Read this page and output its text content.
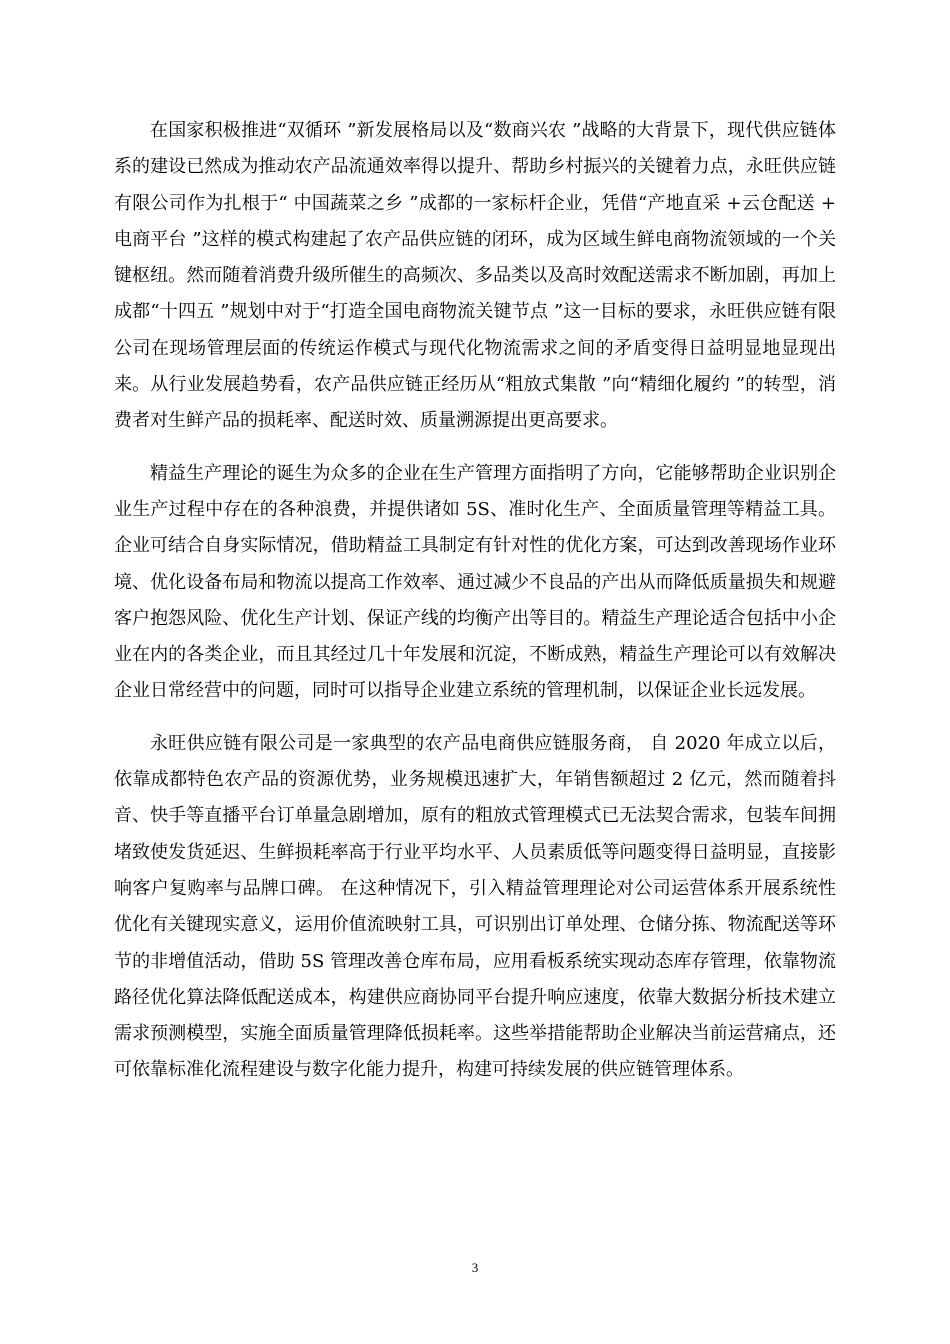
在国家积极推进“双循环 ”新发展格局以及“数商兴农 ”战略的大背景下，现代供应链体系的建设已然成为推动农产品流通效率得以提升、帮助乡村振兴的关键着力点，永旺供应链有限公司作为扎根于“ 中国蔬菜之乡 ”成都的一家标杆企业，凭借“产地直采 +云仓配送 + 电商平台 ”这样的模式构建起了农产品供应链的闭环，成为区域生鲜电商物流领域的一个关键枢纽。然而随着消费升级所催生的高频次、多品类以及高时效配送需求不断加剧，再加上成都“十四五 ”规划中对于“打造全国电商物流关键节点 ”这一目标的要求，永旺供应链有限公司在现场管理层面的传统运作模式与现代化物流需求之间的矛盾变得日益明显地显现出来。从行业发展趋势看，农产品供应链正经历从“粗放式集散 ”向“精细化履约 ”的转型，消费者对生鲜产品的损耗率、配送时效、质量溯源提出更高要求。

精益生产理论的诞生为众多的企业在生产管理方面指明了方向，它能够帮助企业识别企业生产过程中存在的各种浪费，并提供诸如 5S、准时化生产、全面质量管理等精益工具。企业可结合自身实际情况，借助精益工具制定有针对性的优化方案，可达到改善现场作业环境、优化设备布局和物流以提高工作效率、通过减少不良品的产出从而降低质量损失和规避客户抱怨风险、优化生产计划、保证产线的均衡产出等目的。精益生产理论适合包括中小企业在内的各类企业，而且其经过几十年发展和沉淀，不断成熟，精益生产理论可以有效解决企业日常经营中的问题，同时可以指导企业建立系统的管理机制，以保证企业长远发展。

永旺供应链有限公司是一家典型的农产品电商供应链服务商， 自 2020 年成立以后，依靠成都特色农产品的资源优势，业务规模迅速扩大，年销售额超过 2 亿元，然而随着抖音、快手等直播平台订单量急剧增加，原有的粗放式管理模式已无法契合需求，包装车间拥堵致使发货延迟、生鲜损耗率高于行业平均水平、人员素质低等问题变得日益明显，直接影响客户复购率与品牌口碑。 在这种情况下，引入精益管理理论对公司运营体系开展系统性优化有关键现实意义，运用价值流映射工具，可识别出订单处理、仓储分拣、物流配送等环节的非增值活动，借助 5S 管理改善仓库布局，应用看板系统实现动态库存管理，依靠物流路径优化算法降低配送成本，构建供应商协同平台提升响应速度，依靠大数据分析技术建立需求预测模型，实施全面质量管理降低损耗率。这些举措能帮助企业解决当前运营痛点，还可依靠标准化流程建设与数字化能力提升，构建可持续发展的供应链管理体系。

3
